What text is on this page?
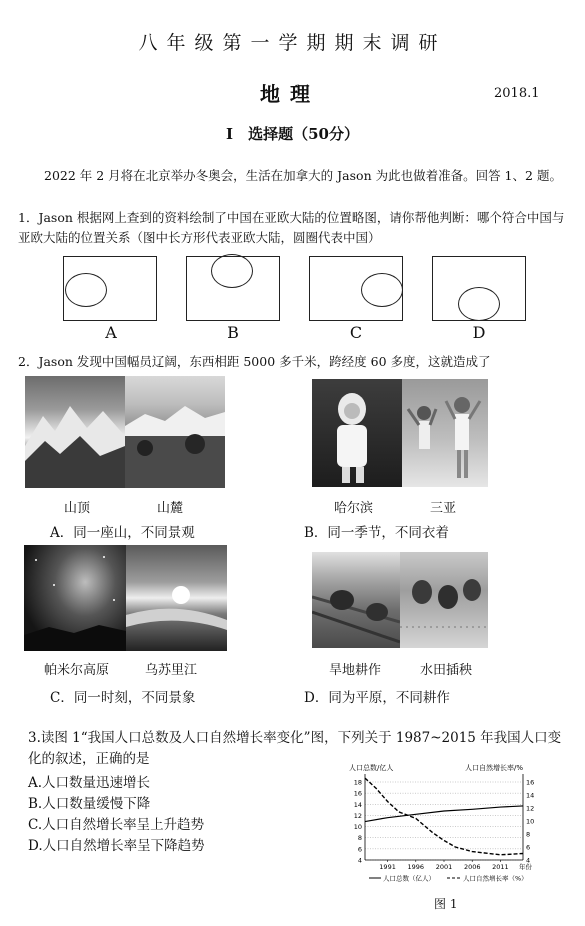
八年级第一学期期末调研
地理	2018.1
I　选择题（50分）
2022 年 2 月将在北京举办冬奥会，生活在加拿大的 Jason 为此也做着准备。回答 1、2 题。
1．Jason 根据网上查到的资料绘制了中国在亚欧大陆的位置略图，请你帮他判断：哪个符合中国与亚欧大陆的位置关系（图中长方形代表亚欧大陆，圆圈代表中国）
A	B	C	D
2．Jason 发现中国幅员辽阔，东西相距 5000 多千米，跨经度 60 多度，这就造成了
山顶	山麓
A．同一座山，不同景观
哈尔滨	三亚
B．同一季节，不同衣着
帕米尔高原	乌苏里江
C．同一时刻，不同景象
旱地耕作	水田插秧
D．同为平原，不同耕作
3.读图 1“我国人口总数及人口自然增长率变化”图，下列关于 1987~2015 年我国人口变化的叙述，正确的是
A.人口数量迅速增长
B.人口数量缓慢下降
C.人口自然增长率呈上升趋势
D.人口自然增长率呈下降趋势
人口总数/亿人	人口自然增长率/%
4
6
8
10
12
14
16
18
4
6
8
10
12
14
16
1991 1996 2001 2006 2011 年份
人口总数（亿人）	人口自然增长率（%）
图 1
